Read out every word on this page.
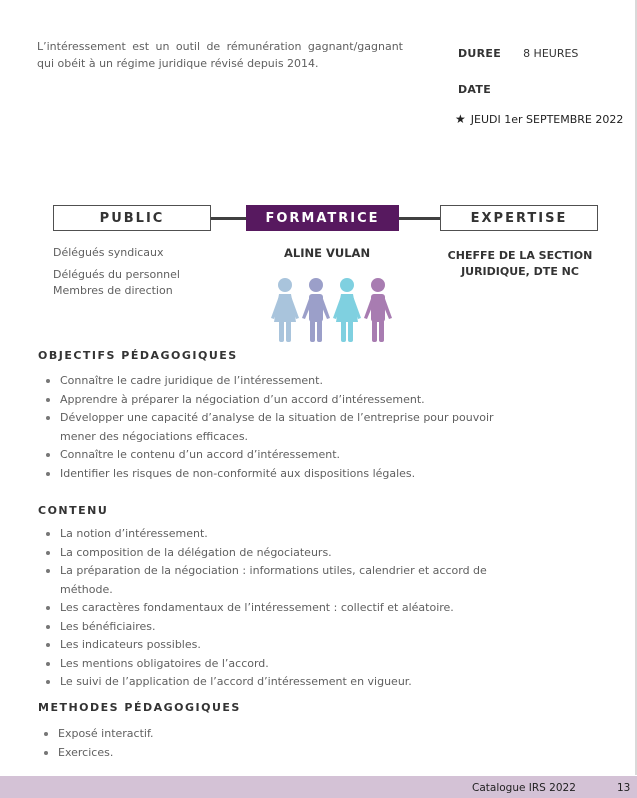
L’intéressement est un outil de rémunération gagnant/gagnant qui obéit à un régime juridique révisé depuis 2014.

DUREE 8 HEURES
DATE
★ JEUDI 1er SEPTEMBRE 2022
PUBLIC	FORMATRICE	EXPERTISE
Délégués syndicaux
Délégués du personnel
Membres de direction
ALINE VULAN	CHEFFE DE LA SECTION
JURIDIQUE, DTE NC
OBJECTIFS PÉDAGOGIQUES
Connaître le cadre juridique de l’intéressement.
Apprendre à préparer la négociation d’un accord d’intéressement.
Développer une capacité d’analyse de la situation de l’entreprise pour pouvoir mener des négociations efficaces.
Connaître le contenu d’un accord d’intéressement.
Identifier les risques de non-conformité aux dispositions légales.
CONTENU
La notion d’intéressement.
La composition de la délégation de négociateurs.
La préparation de la négociation : informations utiles, calendrier et accord de méthode.
Les caractères fondamentaux de l’intéressement : collectif et aléatoire.
Les bénéficiaires.
Les indicateurs possibles.
Les mentions obligatoires de l’accord.
Le suivi de l’application de l’accord d’intéressement en vigueur.
METHODES PÉDAGOGIQUES
Exposé interactif.
Exercices.
Catalogue IRS 2022	13
